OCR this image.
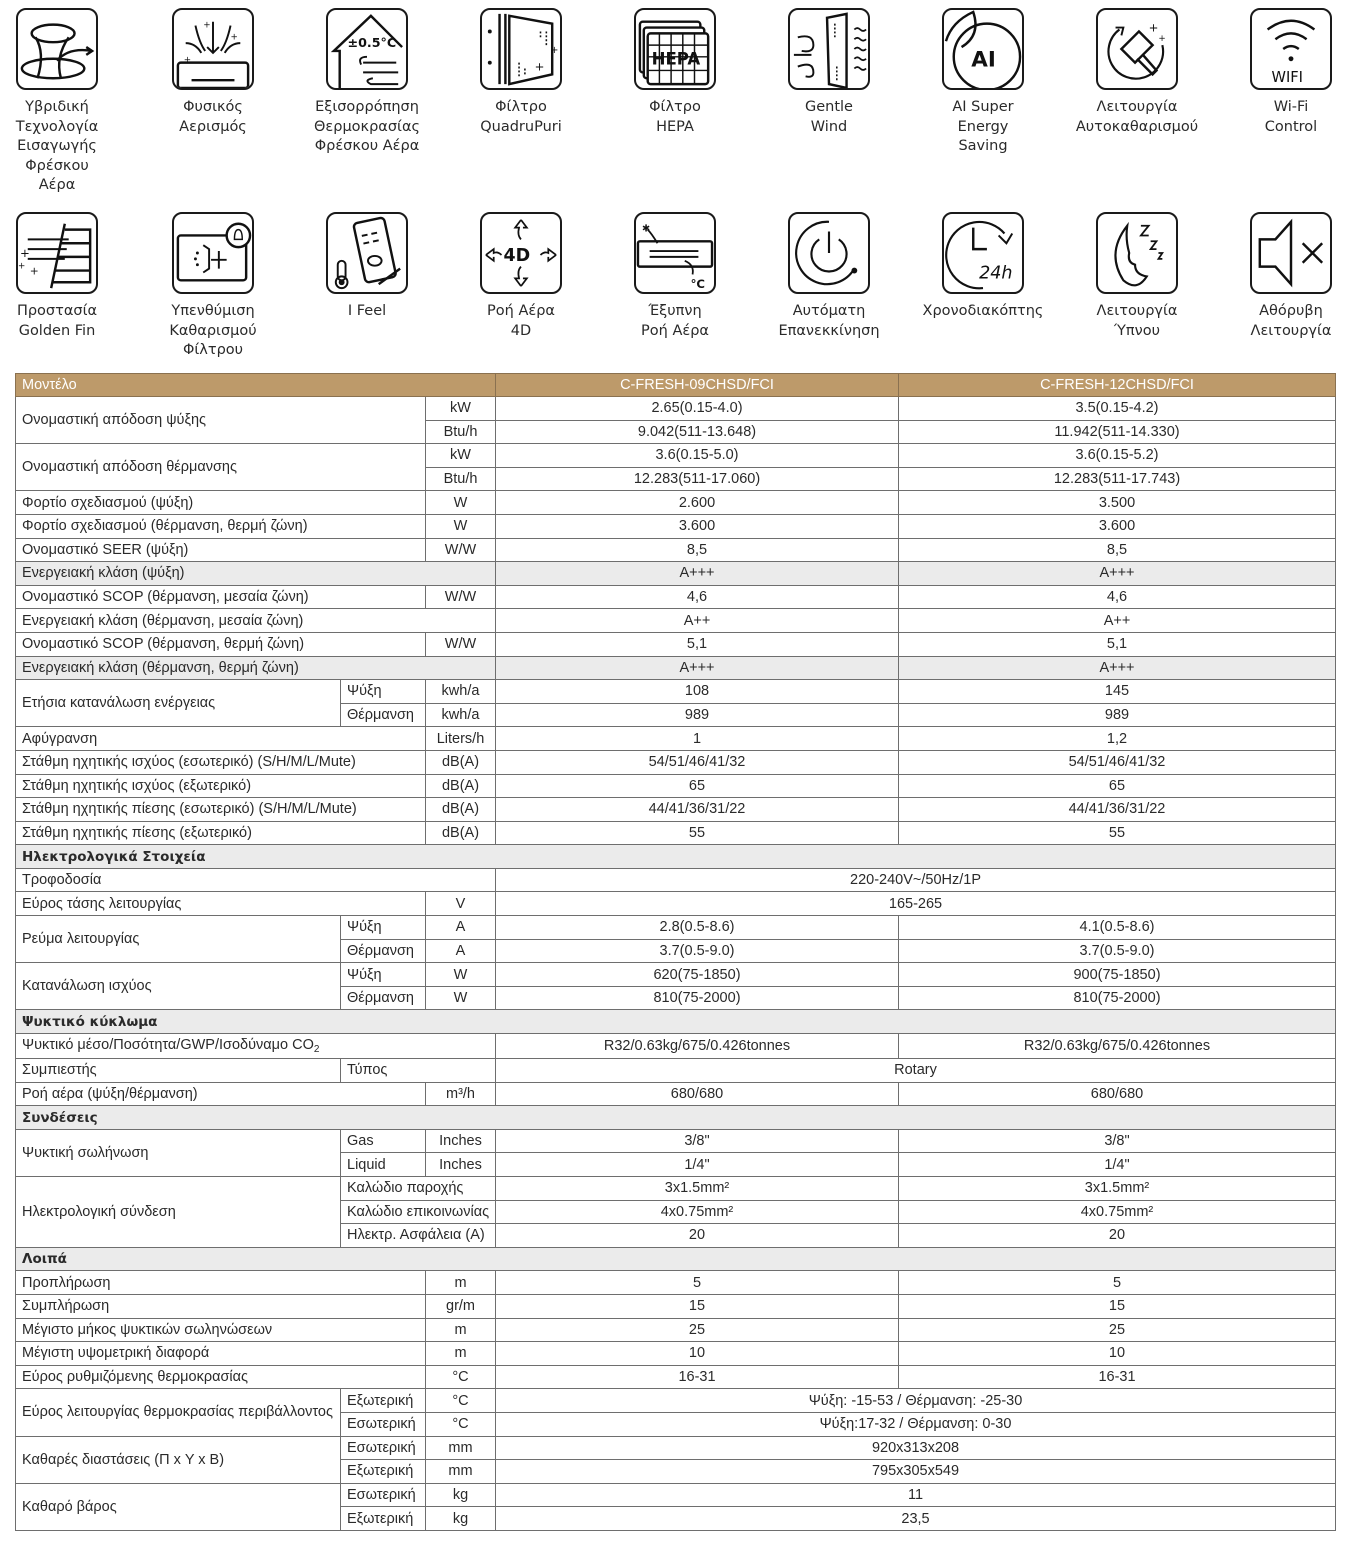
Υβριδική
Τεχνολογία
Εισαγωγής
Φρέσκου
Αέρα
+
+
+
Φυσικός
Αερισμός
±0.5°C
Εξισορρόπηση
Θερμοκρασίας
Φρέσκου Αέρα
+
+
Φίλτρο
QuadruPuri
HEPA
Φίλτρο
HEPA
Gentle
Wind
AI
AI Super
Energy
Saving
+
+
Λειτουργία
Αυτοκαθαρισμού
WIFI
Wi-Fi
Control
+
+ +
Προστασία
Golden Fin
Υπενθύμιση
Καθαρισμού
Φίλτρου
I Feel
4D
Ροή Αέρα
4D
✱
°C
Έξυπνη
Ροή Αέρα
Αυτόματη
Επανεκκίνηση
24h
Χρονοδιακόπτης	Λειτουργία
Ύπνου
Αθόρυβη
Λειτουργία
Μοντέλο			C-FRESH-09CHSD/FCI	C-FRESH-12CHSD/FCI
Ονομαστική απόδοση ψύξης		kW	2.65(0.15-4.0)	3.5(0.15-4.2)
		Btu/h	9.042(511-13.648)	11.942(511-14.330)
Ονομαστική απόδοση θέρμανσης		kW	3.6(0.15-5.0)	3.6(0.15-5.2)
		Btu/h	12.283(511-17.060)	12.283(511-17.743)
Φορτίο σχεδιασμού (ψύξη)		W	2.600	3.500
Φορτίο σχεδιασμού (θέρμανση, θερμή ζώνη)		W	3.600	3.600
Ονομαστικό SEER (ψύξη)		W/W	8,5	8,5
Ενεργειακή κλάση (ψύξη)			A+++	A+++
Ονομαστικό SCOP (θέρμανση, μεσαία ζώνη)		W/W	4,6	4,6
Ενεργειακή κλάση (θέρμανση, μεσαία ζώνη)			A++	A++
Ονομαστικό SCOP (θέρμανση, θερμή ζώνη)		W/W	5,1	5,1
Ενεργειακή κλάση (θέρμανση, θερμή ζώνη)			A+++	A+++
Ετήσια κατανάλωση ενέργειας	Ψύξη	kwh/a	108	145
	Θέρμανση	kwh/a	989	989
Αφύγρανση		Liters/h	1	1,2
Στάθμη ηχητικής ισχύος (εσωτερικό) (S/H/M/L/Mute)		dB(A)	54/51/46/41/32	54/51/46/41/32
Στάθμη ηχητικής ισχύος (εξωτερικό)		dB(A)	65	65
Στάθμη ηχητικής πίεσης (εσωτερικό) (S/H/M/L/Mute)		dB(A)	44/41/36/31/22	44/41/36/31/22
Στάθμη ηχητικής πίεσης (εξωτερικό)		dB(A)	55	55
Ηλεκτρολογικά Στοιχεία				
Τροφοδοσία			220-240V~/50Hz/1P	
Εύρος τάσης λειτουργίας		V	165-265	
Ρεύμα λειτουργίας	Ψύξη	A	2.8(0.5-8.6)	4.1(0.5-8.6)
	Θέρμανση	A	3.7(0.5-9.0)	3.7(0.5-9.0)
Κατανάλωση ισχύος	Ψύξη	W	620(75-1850)	900(75-1850)
	Θέρμανση	W	810(75-2000)	810(75-2000)
Ψυκτικό κύκλωμα				
Ψυκτικό μέσο/Ποσότητα/GWP/Ισοδύναμο $CO_2$			R32/0.63kg/675/0.426tonnes	R32/0.63kg/675/0.426tonnes
Συμπιεστής	Τύπος		Rotary	
Ροή αέρα (ψύξη/θέρμανση)		m³/h	680/680	680/680
Συνδέσεις				
Ψυκτική σωλήνωση	Gas	Inches	3/8"	3/8"
	Liquid	Inches	1/4"	1/4"
Ηλεκτρολογική σύνδεση	Καλώδιο παροχής		3x1.5mm²	3x1.5mm²
	Καλώδιο επικοινωνίας		4x0.75mm²	4x0.75mm²
	Ηλεκτρ. Ασφάλεια (A)		20	20
Λοιπά				
Προπλήρωση		m	5	5
Συμπλήρωση		gr/m	15	15
Μέγιστο μήκος ψυκτικών σωληνώσεων		m	25	25
Μέγιστη υψομετρική διαφορά		m	10	10
Εύρος ρυθμιζόμενης θερμοκρασίας		°C	16-31	16-31
Εύρος λειτουργίας θερμοκρασίας περιβάλλοντος	Εξωτερική	°C	Ψύξη: -15-53 / Θέρμανση: -25-30	
	Εσωτερική	°C	Ψύξη:17-32 / Θέρμανση: 0-30	
Καθαρές διαστάσεις (Π x Υ x Β)	Εσωτερική	mm	920x313x208	
	Εξωτερική	mm	795x305x549	
Καθαρό βάρος	Εσωτερική	kg	11	
	Εξωτερική	kg	23,5	
